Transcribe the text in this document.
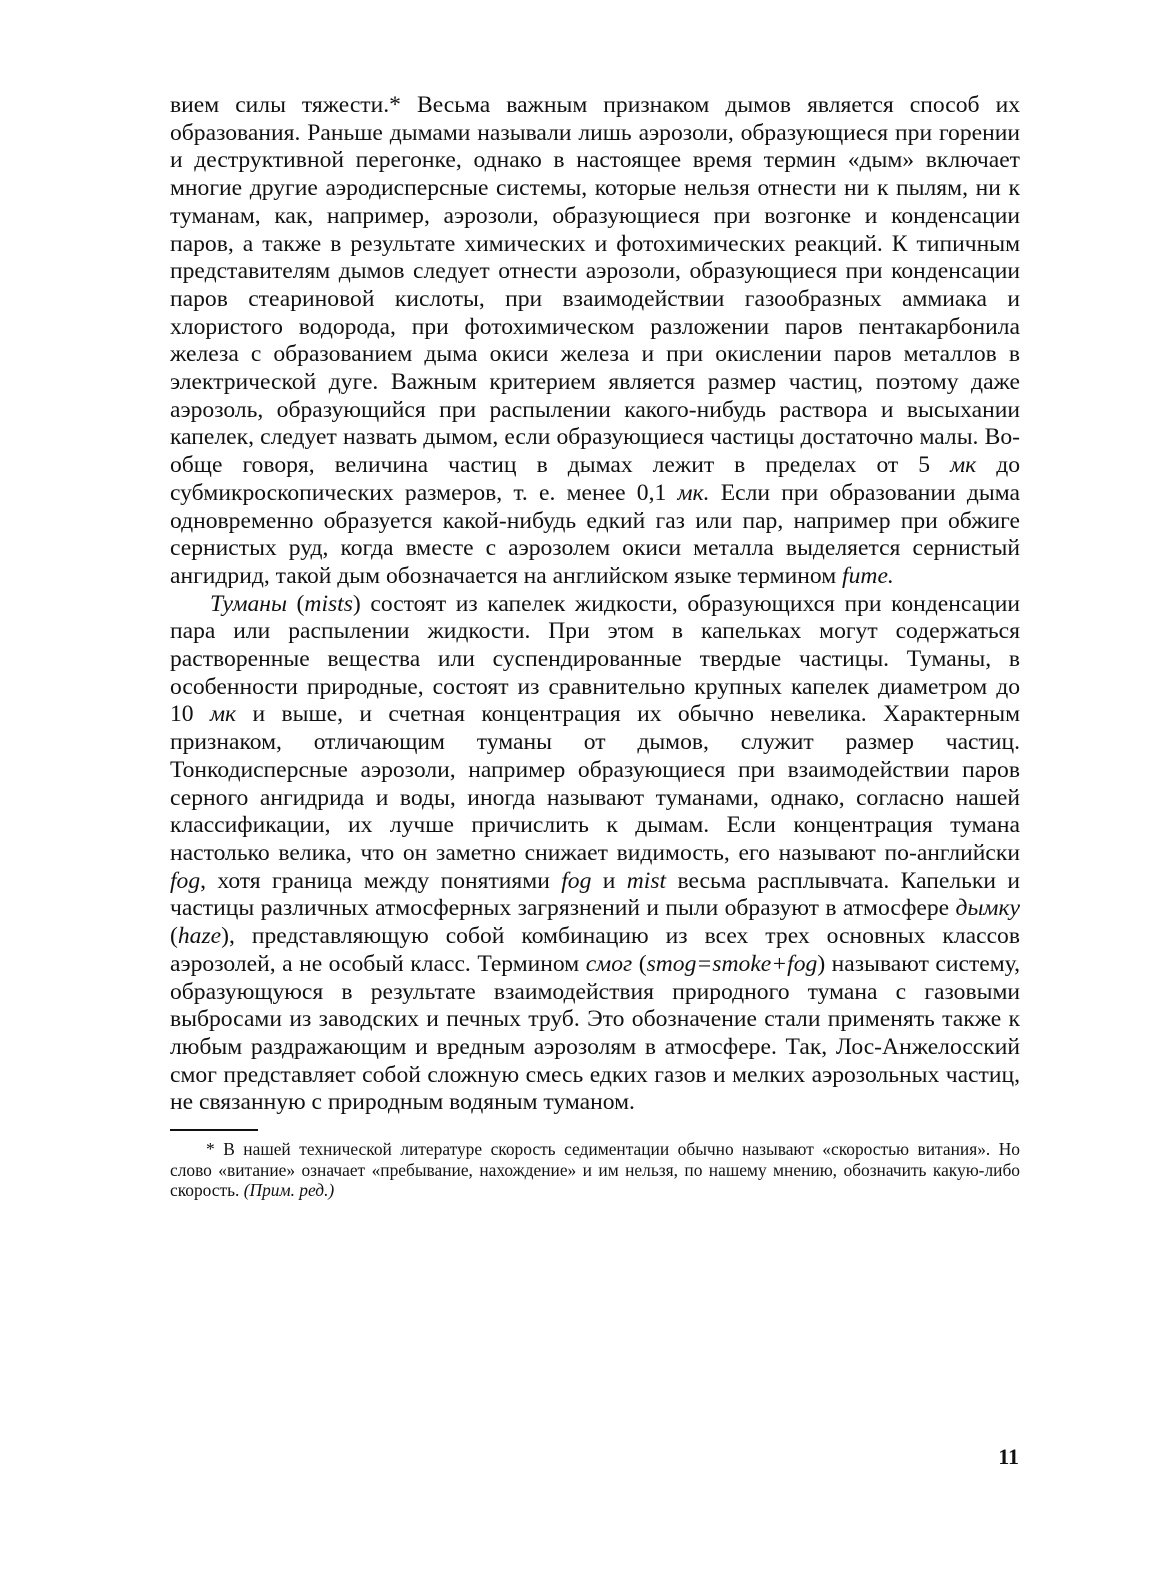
вием силы тяжести.* Весьма важным признаком дымов является способ их образования. Раньше дымами называли лишь аэрозоли, образующиеся при горении и деструктивной перегонке, однако в настоящее время термин «дым» включает многие другие аэродисперсные системы, которые нельзя отнести ни к пылям, ни к туманам, как, например, аэрозоли, образующиеся при возгонке и конденсации паров, а также в результате химических и фотохимических реакций. К типичным представителям дымов следует отнести аэрозоли, образующиеся при конденсации паров стеариновой кислоты, при взаимодействии газообразных аммиака и хлористого водорода, при фотохимическом разложении паров пентакарбонила железа с образованием дыма окиси железа и при окислении паров металлов в электрической дуге. Важным критерием является размер частиц, поэтому даже аэрозоль, образующийся при распылении какого-нибудь раствора и высыхании капелек, следует назвать дымом, если образующиеся частицы достаточно малы. Вообще говоря, величина частиц в дымах лежит в пределах от 5 мк до субмикроскопических размеров, т. е. менее 0,1 мк. Если при образовании дыма одновременно образуется какой-нибудь едкий газ или пар, например при обжиге сернистых руд, когда вместе с аэрозолем окиси металла выделяется сернистый ангидрид, такой дым обозначается на английском языке термином fume.

Туманы (mists) состоят из капелек жидкости, образующихся при конденсации пара или распылении жидкости. При этом в капельках могут содержаться растворенные вещества или суспендированные твердые частицы. Туманы, в особенности природные, состоят из сравнительно крупных капелек диаметром до 10 мк и выше, и счетная концентрация их обычно невелика. Характерным признаком, отличающим туманы от дымов, служит размер частиц. Тонкодисперсные аэрозоли, например образующиеся при взаимодействии паров серного ангидрида и воды, иногда называют туманами, однако, согласно нашей классификации, их лучше причислить к дымам. Если концентрация тумана настолько велика, что он заметно снижает видимость, его называют по-английски fog, хотя граница между понятиями fog и mist весьма расплывчата. Капельки и частицы различных атмосферных загрязнений и пыли образуют в атмосфере дымку (haze), представляющую собой комбинацию из всех трех основных классов аэрозолей, а не особый класс. Термином смог (smog=smoke+fog) называют систему, образующуюся в результате взаимодействия природного тумана с газовыми выбросами из заводских и печных труб. Это обозначение стали применять также к любым раздражающим и вредным аэрозолям в атмосфере. Так, Лос-Анжелосский смог представляет собой сложную смесь едких газов и мелких аэрозольных частиц, не связанную с природным водяным туманом.

* В нашей технической литературе скорость седиментации обычно называют «скоростью витания». Но слово «витание» означает «пребывание, нахождение» и им нельзя, по нашему мнению, обозначить какую-либо скорость. (Прим. ред.)

11
